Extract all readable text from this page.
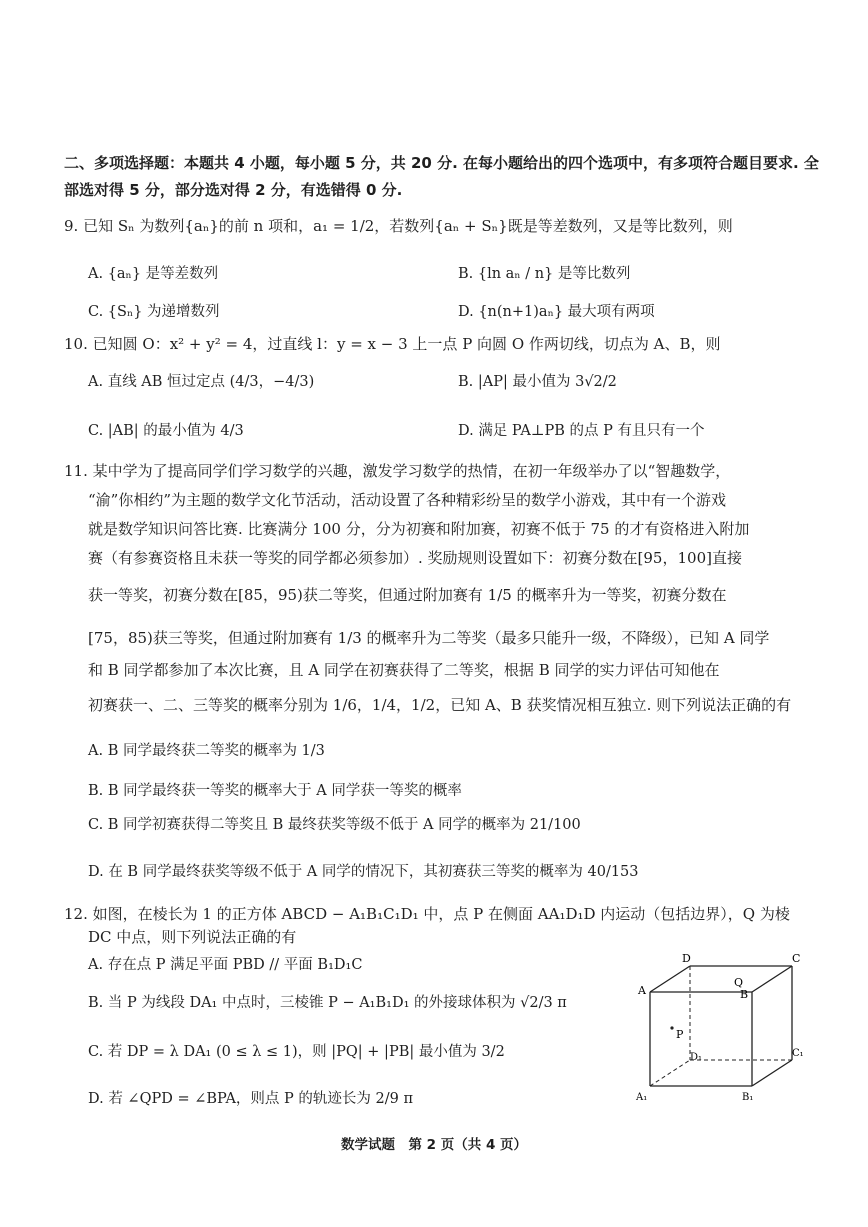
二、多项选择题：本题共 4 小题，每小题 5 分，共 20 分. 在每小题给出的四个选项中，有多项符合题目要求. 全部选对得 5 分，部分选对得 2 分，有选错得 0 分.
9. 已知 Sₙ 为数列{aₙ}的前 n 项和，a₁ = 1/2，若数列{aₙ + Sₙ}既是等差数列，又是等比数列，则
A. {aₙ} 是等差数列	B. {ln aₙ / n} 是等比数列
C. {Sₙ} 为递增数列	D. {n(n+1)aₙ} 最大项有两项
10. 已知圆 O：x² + y² = 4，过直线 l：y = x − 3 上一点 P 向圆 O 作两切线，切点为 A、B，则
A. 直线 AB 恒过定点 (4/3，−4/3)	B. |AP| 最小值为 3√2/2
C. |AB| 的最小值为 4/3	D. 满足 PA⊥PB 的点 P 有且只有一个
11. 某中学为了提高同学们学习数学的兴趣，激发学习数学的热情，在初一年级举办了以“智趣数学，
“渝”你相约”为主题的数学文化节活动，活动设置了各种精彩纷呈的数学小游戏，其中有一个游戏
就是数学知识问答比赛. 比赛满分 100 分，分为初赛和附加赛，初赛不低于 75 的才有资格进入附加
赛（有参赛资格且未获一等奖的同学都必须参加）. 奖励规则设置如下：初赛分数在[95，100]直接
获一等奖，初赛分数在[85，95)获二等奖，但通过附加赛有 1/5 的概率升为一等奖，初赛分数在
[75，85)获三等奖，但通过附加赛有 1/3 的概率升为二等奖（最多只能升一级，不降级），已知 A 同学
和 B 同学都参加了本次比赛，且 A 同学在初赛获得了二等奖，根据 B 同学的实力评估可知他在
初赛获一、二、三等奖的概率分别为 1/6，1/4，1/2，已知 A、B 获奖情况相互独立. 则下列说法正确的有
A. B 同学最终获二等奖的概率为 1/3
B. B 同学最终获一等奖的概率大于 A 同学获一等奖的概率
C. B 同学初赛获得二等奖且 B 最终获奖等级不低于 A 同学的概率为 21/100
D. 在 B 同学最终获奖等级不低于 A 同学的情况下，其初赛获三等奖的概率为 40/153
12. 如图，在棱长为 1 的正方体 ABCD − A₁B₁C₁D₁ 中，点 P 在侧面 AA₁D₁D 内运动（包括边界），Q 为棱
DC 中点，则下列说法正确的有
A. 存在点 P 满足平面 PBD // 平面 B₁D₁C
B. 当 P 为线段 DA₁ 中点时，三棱锥 P − A₁B₁D₁ 的外接球体积为 √2/3 π
C. 若 DP = λ DA₁ (0 ≤ λ ≤ 1)，则 |PQ| + |PB| 最小值为 3/2
D. 若 ∠QPD = ∠BPA，则点 P 的轨迹长为 2/9 π
D
Q
C
A	B
P
D₁	C₁
A₁	B₁
数学试题　第 2 页（共 4 页）
